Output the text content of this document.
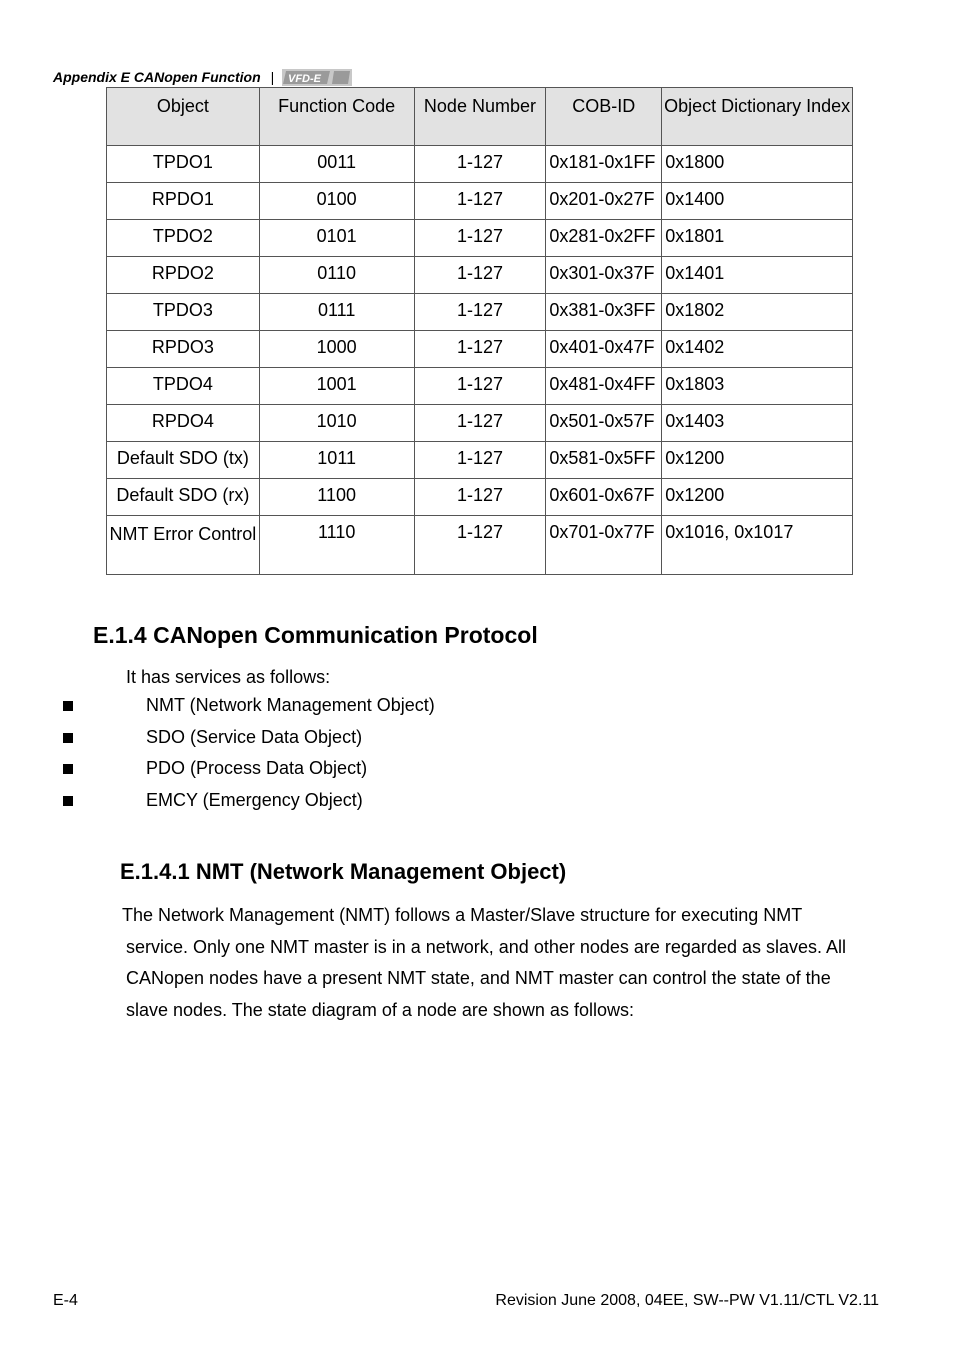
Appendix E CANopen Function | VFD-E
Object	Function Code	Node Number	COB-ID	Object Dictionary Index
TPDO1	0011	1-127	0x181-0x1FF	0x1800
RPDO1	0100	1-127	0x201-0x27F	0x1400
TPDO2	0101	1-127	0x281-0x2FF	0x1801
RPDO2	0110	1-127	0x301-0x37F	0x1401
TPDO3	0111	1-127	0x381-0x3FF	0x1802
RPDO3	1000	1-127	0x401-0x47F	0x1402
TPDO4	1001	1-127	0x481-0x4FF	0x1803
RPDO4	1010	1-127	0x501-0x57F	0x1403
Default SDO (tx)	1011	1-127	0x581-0x5FF	0x1200
Default SDO (rx)	1100	1-127	0x601-0x67F	0x1200
NMT Error Control	1110	1-127	0x701-0x77F	0x1016, 0x1017
E.1.4 CANopen Communication Protocol
It has services as follows:
NMT (Network Management Object)
SDO (Service Data Object)
PDO (Process Data Object)
EMCY (Emergency Object)
E.1.4.1 NMT (Network Management Object)
The Network Management (NMT) follows a Master/Slave structure for executing NMT
service. Only one NMT master is in a network, and other nodes are regarded as slaves. All
CANopen nodes have a present NMT state, and NMT master can control the state of the
slave nodes. The state diagram of a node are shown as follows:
E-4	Revision June 2008, 04EE, SW--PW V1.11/CTL V2.11
